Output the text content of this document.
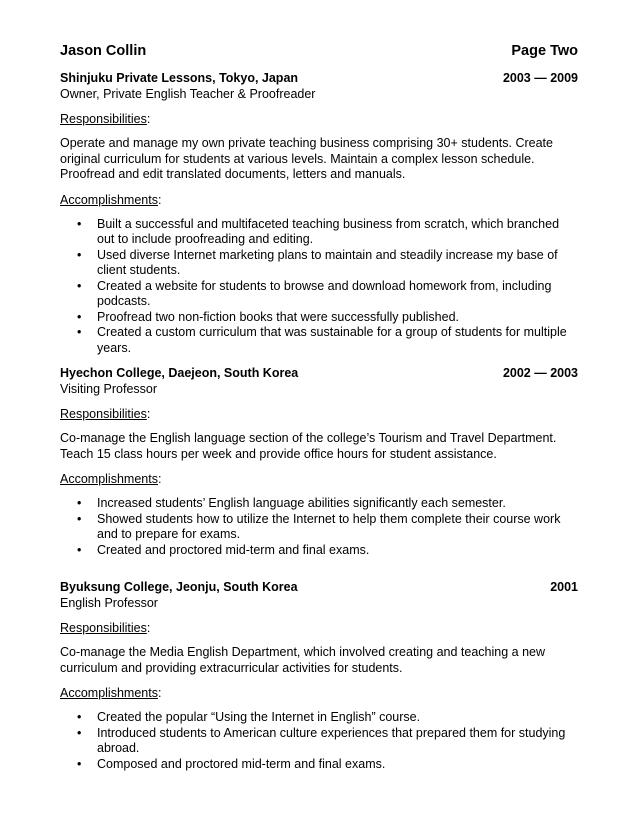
Jason Collin	Page Two
Shinjuku Private Lessons, Tokyo, Japan	2003 — 2009
Owner, Private English Teacher & Proofreader
Responsibilities:
Operate and manage my own private teaching business comprising 30+ students. Create original curriculum for students at various levels. Maintain a complex lesson schedule. Proofread and edit translated documents, letters and manuals.
Accomplishments:
• Built a successful and multifaceted teaching business from scratch, which branched out to include proofreading and editing.
• Used diverse Internet marketing plans to maintain and steadily increase my base of client students.
• Created a website for students to browse and download homework from, including podcasts.
• Proofread two non-fiction books that were successfully published.
• Created a custom curriculum that was sustainable for a group of students for multiple years.
Hyechon College, Daejeon, South Korea	2002 — 2003
Visiting Professor
Responsibilities:
Co-manage the English language section of the college’s Tourism and Travel Department. Teach 15 class hours per week and provide office hours for student assistance.
Accomplishments:
• Increased students’ English language abilities significantly each semester.
• Showed students how to utilize the Internet to help them complete their course work and to prepare for exams.
• Created and proctored mid-term and final exams.
Byuksung College, Jeonju, South Korea	2001
English Professor
Responsibilities:
Co-manage the Media English Department, which involved creating and teaching a new curriculum and providing extracurricular activities for students.
Accomplishments:
• Created the popular “Using the Internet in English” course.
• Introduced students to American culture experiences that prepared them for studying abroad.
• Composed and proctored mid-term and final exams.
